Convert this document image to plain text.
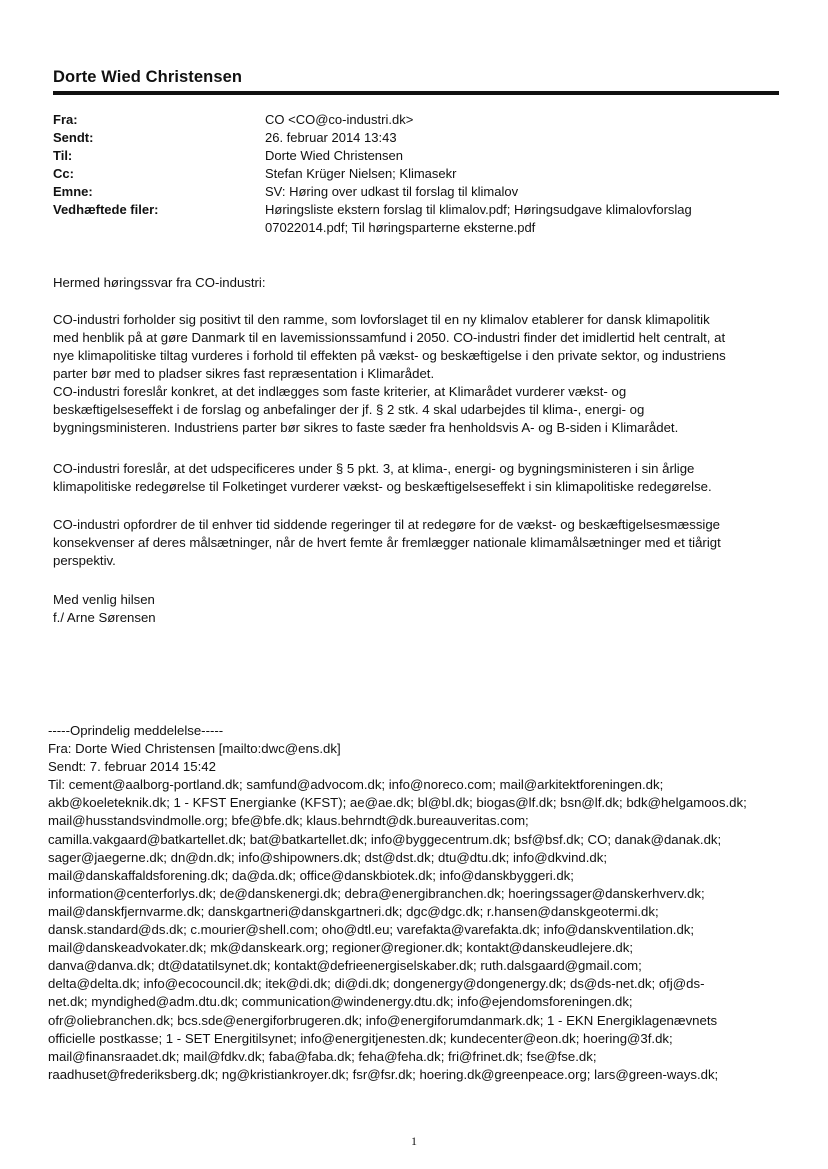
Dorte Wied Christensen
Fra:	CO <CO@co-industri.dk>
Sendt:	26. februar 2014 13:43
Til:	Dorte Wied Christensen
Cc:	Stefan Krüger Nielsen; Klimasekr
Emne:	SV: Høring over udkast til forslag til klimalov
Vedhæftede filer:	Høringsliste ekstern forslag til klimalov.pdf; Høringsudgave klimalovforslag
07022014.pdf; Til høringsparterne eksterne.pdf
Hermed høringssvar fra CO-industri:

CO-industri forholder sig positivt til den ramme, som lovforslaget til en ny klimalov etablerer for dansk klimapolitik

med henblik på at gøre Danmark til en lavemissionssamfund i 2050. CO-industri finder det imidlertid helt centralt, at

nye klimapolitiske tiltag vurderes i forhold til effekten på vækst- og beskæftigelse i den private sektor, og industriens

parter bør med to pladser sikres fast repræsentation i Klimarådet.

CO-industri foreslår konkret, at det indlægges som faste kriterier, at Klimarådet vurderer vækst- og

beskæftigelseseffekt i de forslag og anbefalinger der jf. § 2 stk. 4 skal udarbejdes til klima-, energi- og

bygningsministeren. Industriens parter bør sikres to faste sæder fra henholdsvis A- og B-siden i Klimarådet.

CO-industri foreslår, at det udspecificeres under § 5 pkt. 3, at klima-, energi- og bygningsministeren i sin årlige

klimapolitiske redegørelse til Folketinget vurderer vækst- og beskæftigelseseffekt i sin klimapolitiske redegørelse.

CO-industri opfordrer de til enhver tid siddende regeringer til at redegøre for de vækst- og beskæftigelsesmæssige

konsekvenser af deres målsætninger, når de hvert femte år fremlægger nationale klimamålsætninger med et tiårigt

perspektiv.

Med venlig hilsen

f./ Arne Sørensen

-----Oprindelig meddelelse-----
Fra: Dorte Wied Christensen [mailto:dwc@ens.dk]
Sendt: 7. februar 2014 15:42
Til: cement@aalborg-portland.dk; samfund@advocom.dk; info@noreco.com; mail@arkitektforeningen.dk;
akb@koeleteknik.dk; 1 - KFST Energianke (KFST); ae@ae.dk; bl@bl.dk; biogas@lf.dk; bsn@lf.dk; bdk@helgamoos.dk;
mail@husstandsvindmolle.org; bfe@bfe.dk; klaus.behrndt@dk.bureauveritas.com;
camilla.vakgaard@batkartellet.dk; bat@batkartellet.dk; info@byggecentrum.dk; bsf@bsf.dk; CO; danak@danak.dk;
sager@jaegerne.dk; dn@dn.dk; info@shipowners.dk; dst@dst.dk; dtu@dtu.dk; info@dkvind.dk;
mail@danskaffaldsforening.dk; da@da.dk; office@danskbiotek.dk; info@danskbyggeri.dk;
information@centerforlys.dk; de@danskenergi.dk; debra@energibranchen.dk; hoeringssager@danskerhverv.dk;
mail@danskfjernvarme.dk; danskgartneri@danskgartneri.dk; dgc@dgc.dk; r.hansen@danskgeotermi.dk;
dansk.standard@ds.dk; c.mourier@shell.com; oho@dtl.eu; varefakta@varefakta.dk; info@danskventilation.dk;
mail@danskeadvokater.dk; mk@danskeark.org; regioner@regioner.dk; kontakt@danskeudlejere.dk;
danva@danva.dk; dt@datatilsynet.dk; kontakt@defrieenergiselskaber.dk; ruth.dalsgaard@gmail.com;
delta@delta.dk; info@ecocouncil.dk; itek@di.dk; di@di.dk; dongenergy@dongenergy.dk; ds@ds-net.dk; ofj@ds-
net.dk; myndighed@adm.dtu.dk; communication@windenergy.dtu.dk; info@ejendomsforeningen.dk;
ofr@oliebranchen.dk; bcs.sde@energiforbrugeren.dk; info@energiforumdanmark.dk; 1 - EKN Energiklagenævnets
officielle postkasse; 1 - SET Energitilsynet; info@energitjenesten.dk; kundecenter@eon.dk; hoering@3f.dk;
mail@finansraadet.dk; mail@fdkv.dk; faba@faba.dk; feha@feha.dk; fri@frinet.dk; fse@fse.dk;
raadhuset@frederiksberg.dk; ng@kristiankroyer.dk; fsr@fsr.dk; hoering.dk@greenpeace.org; lars@green-ways.dk;
1
